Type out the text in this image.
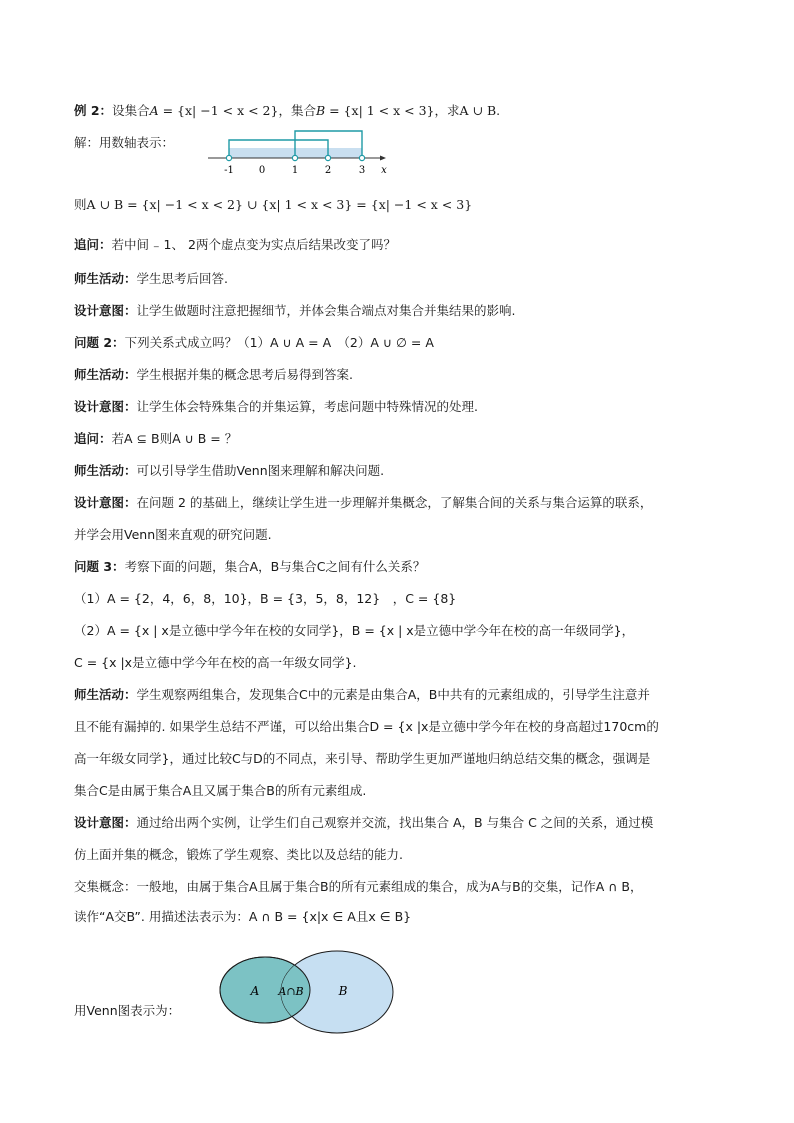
例 2：设集合A = {x| −1 < x < 2}，集合B = {x| 1 < x < 3}，求A ∪ B.
解：用数轴表示：
-1 0	1	2	3 x
则A ∪ B = {x| −1 < x < 2} ∪ {x| 1 < x < 3} = {x| −1 < x < 3}
追问：若中间 ₋ 1、 2两个虚点变为实点后结果改变了吗？
师生活动：学生思考后回答.
设计意图：让学生做题时注意把握细节，并体会集合端点对集合并集结果的影响.
问题 2：下列关系式成立吗？（1）A ∪ A = A　（2）A ∪ ∅ = A
师生活动：学生根据并集的概念思考后易得到答案.
设计意图：让学生体会特殊集合的并集运算，考虑问题中特殊情况的处理.
追问：若A ⊆ B则A ∪ B = ？
师生活动：可以引导学生借助Venn图来理解和解决问题.
设计意图：在问题 2 的基础上，继续让学生进一步理解并集概念，了解集合间的关系与集合运算的联系，
并学会用Venn图来直观的研究问题.
问题 3：考察下面的问题，集合A，B与集合C之间有什么关系？
（1）A = {2，4，6，8，10}，B = {3，5，8，12}　，C = {8}
（2）A = {x | x是立德中学今年在校的女同学}，B = {x | x是立德中学今年在校的高一年级同学}，
C = {x |x是立德中学今年在校的高一年级女同学}.
师生活动：学生观察两组集合，发现集合C中的元素是由集合A，B中共有的元素组成的，引导学生注意并
且不能有漏掉的. 如果学生总结不严谨，可以给出集合D = {x |x是立德中学今年在校的身高超过170cm的
高一年级女同学}，通过比较C与D的不同点，来引导、帮助学生更加严谨地归纳总结交集的概念，强调是
集合C是由属于集合A且又属于集合B的所有元素组成.
设计意图：通过给出两个实例，让学生们自己观察并交流，找出集合 A，B 与集合 C 之间的关系，通过模
仿上面并集的概念，锻炼了学生观察、类比以及总结的能力.
交集概念：一般地，由属于集合A且属于集合B的所有元素组成的集合，成为A与B的交集，记作A ∩ B，
读作“A交B”. 用描述法表示为：A ∩ B = {x|x ∈ A且x ∈ B}
用Venn图表示为：
A	B
A∩B
